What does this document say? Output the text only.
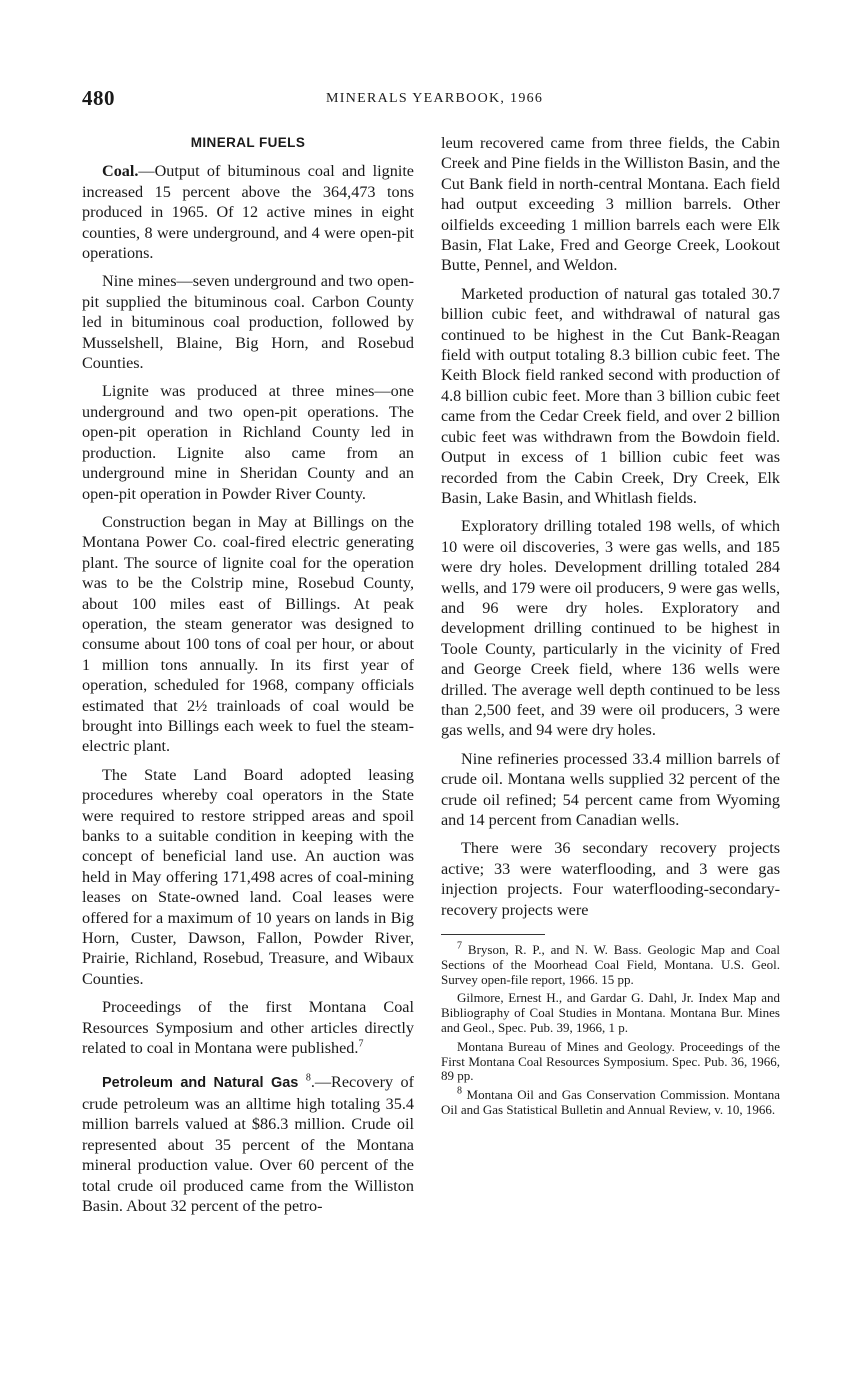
480	MINERALS YEARBOOK, 1966

MINERAL FUELS

Coal.—Output of bituminous coal and lignite increased 15 percent above the 364,473 tons produced in 1965. Of 12 active mines in eight counties, 8 were underground, and 4 were open-pit operations.

Nine mines—seven underground and two open-pit supplied the bituminous coal. Carbon County led in bituminous coal production, followed by Musselshell, Blaine, Big Horn, and Rosebud Counties.

Lignite was produced at three mines—one underground and two open-pit operations. The open-pit operation in Richland County led in production. Lignite also came from an underground mine in Sheridan County and an open-pit operation in Powder River County.

Construction began in May at Billings on the Montana Power Co. coal-fired electric generating plant. The source of lignite coal for the operation was to be the Colstrip mine, Rosebud County, about 100 miles east of Billings. At peak operation, the steam generator was designed to consume about 100 tons of coal per hour, or about 1 million tons annually. In its first year of operation, scheduled for 1968, company officials estimated that 2½ trainloads of coal would be brought into Billings each week to fuel the steam-electric plant.

The State Land Board adopted leasing procedures whereby coal operators in the State were required to restore stripped areas and spoil banks to a suitable condition in keeping with the concept of beneficial land use. An auction was held in May offering 171,498 acres of coal-mining leases on State-owned land. Coal leases were offered for a maximum of 10 years on lands in Big Horn, Custer, Dawson, Fallon, Powder River, Prairie, Richland, Rosebud, Treasure, and Wibaux Counties.

Proceedings of the first Montana Coal Resources Symposium and other articles directly related to coal in Montana were published.$^7$

Petroleum and Natural Gas $^8$.—Recovery of crude petroleum was an alltime high totaling 35.4 million barrels valued at $86.3 million. Crude oil represented about 35 percent of the Montana mineral production value. Over 60 percent of the total crude oil produced came from the Williston Basin. About 32 percent of the petro-

leum recovered came from three fields, the Cabin Creek and Pine fields in the Williston Basin, and the Cut Bank field in north-central Montana. Each field had output exceeding 3 million barrels. Other oilfields exceeding 1 million barrels each were Elk Basin, Flat Lake, Fred and George Creek, Lookout Butte, Pennel, and Weldon.

Marketed production of natural gas totaled 30.7 billion cubic feet, and withdrawal of natural gas continued to be highest in the Cut Bank-Reagan field with output totaling 8.3 billion cubic feet. The Keith Block field ranked second with production of 4.8 billion cubic feet. More than 3 billion cubic feet came from the Cedar Creek field, and over 2 billion cubic feet was withdrawn from the Bowdoin field. Output in excess of 1 billion cubic feet was recorded from the Cabin Creek, Dry Creek, Elk Basin, Lake Basin, and Whitlash fields.

Exploratory drilling totaled 198 wells, of which 10 were oil discoveries, 3 were gas wells, and 185 were dry holes. Development drilling totaled 284 wells, and 179 were oil producers, 9 were gas wells, and 96 were dry holes. Exploratory and development drilling continued to be highest in Toole County, particularly in the vicinity of Fred and George Creek field, where 136 wells were drilled. The average well depth continued to be less than 2,500 feet, and 39 were oil producers, 3 were gas wells, and 94 were dry holes.

Nine refineries processed 33.4 million barrels of crude oil. Montana wells supplied 32 percent of the crude oil refined; 54 percent came from Wyoming and 14 percent from Canadian wells.

There were 36 secondary recovery projects active; 33 were waterflooding, and 3 were gas injection projects. Four waterflooding-secondary-recovery projects were

$^7$ Bryson, R. P., and N. W. Bass. Geologic Map and Coal Sections of the Moorhead Coal Field, Montana. U.S. Geol. Survey open-file report, 1966. 15 pp.

Gilmore, Ernest H., and Gardar G. Dahl, Jr. Index Map and Bibliography of Coal Studies in Montana. Montana Bur. Mines and Geol., Spec. Pub. 39, 1966, 1 p.

Montana Bureau of Mines and Geology. Proceedings of the First Montana Coal Resources Symposium. Spec. Pub. 36, 1966, 89 pp.

$^8$ Montana Oil and Gas Conservation Commission. Montana Oil and Gas Statistical Bulletin and Annual Review, v. 10, 1966.
